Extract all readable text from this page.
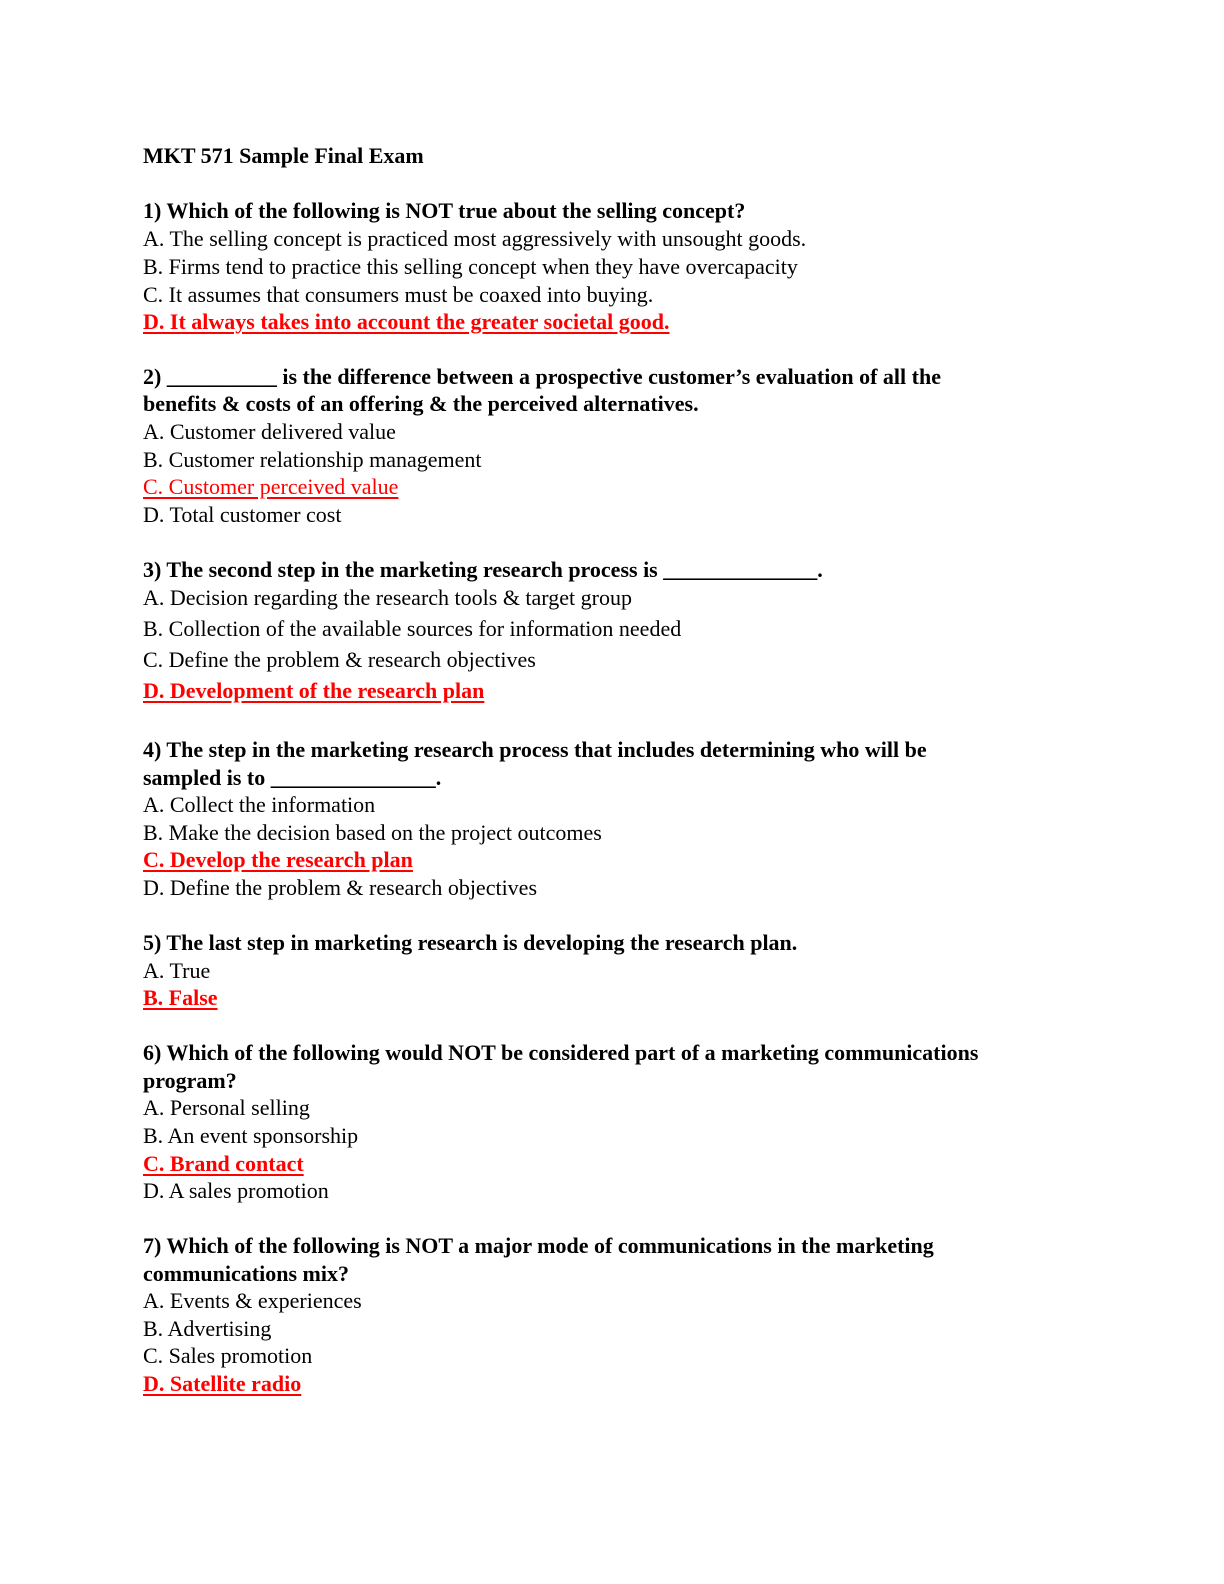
MKT 571 Sample Final Exam
1) Which of the following is NOT true about the selling concept?
A. The selling concept is practiced most aggressively with unsought goods.
B. Firms tend to practice this selling concept when they have overcapacity
C. It assumes that consumers must be coaxed into buying.
D. It always takes into account the greater societal good.
2) __________ is the difference between a prospective customer’s evaluation of all the
benefits & costs of an offering & the perceived alternatives.
A. Customer delivered value
B. Customer relationship management
C. Customer perceived value
D. Total customer cost
3) The second step in the marketing research process is ______________.
A. Decision regarding the research tools & target group
B. Collection of the available sources for information needed
C. Define the problem & research objectives
D. Development of the research plan
4) The step in the marketing research process that includes determining who will be
sampled is to _______________.
A. Collect the information
B. Make the decision based on the project outcomes
C. Develop the research plan
D. Define the problem & research objectives
5) The last step in marketing research is developing the research plan.
A. True
B. False
6) Which of the following would NOT be considered part of a marketing communications
program?
A. Personal selling
B. An event sponsorship
C. Brand contact
D. A sales promotion
7) Which of the following is NOT a major mode of communications in the marketing
communications mix?
A. Events & experiences
B. Advertising
C. Sales promotion
D. Satellite radio
